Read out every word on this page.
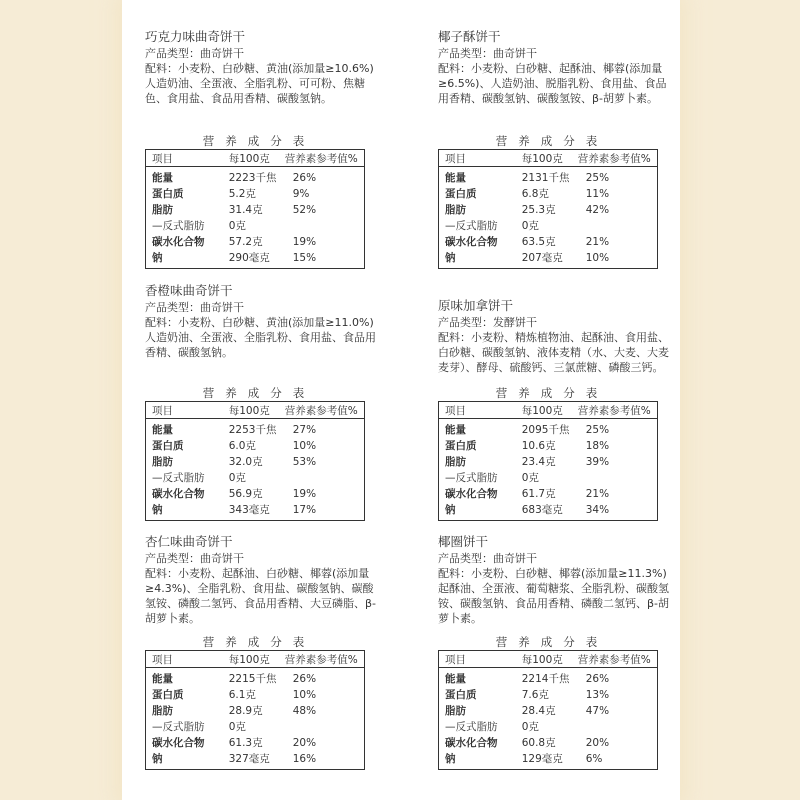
巧克力味曲奇饼干
产品类型：曲奇饼干
配料：小麦粉、白砂糖、黄油(添加量≥10.6%)人造奶油、全蛋液、全脂乳粉、可可粉、焦糖色、食用盐、食品用香精、碳酸氢钠。
营养成分表
项目	每100克	营养素参考值%
能量	2223千焦	26%
蛋白质	5.2克	9%
脂肪	31.4克	52%
—反式脂肪	0克	
碳水化合物	57.2克	19%
钠	290毫克	15%
椰子酥饼干
产品类型：曲奇饼干
配料：小麦粉、白砂糖、起酥油、椰蓉(添加量≥6.5%)、人造奶油、脱脂乳粉、食用盐、食品用香精、碳酸氢钠、碳酸氢铵、β-胡萝卜素。
营养成分表
项目	每100克	营养素参考值%
能量	2131千焦	25%
蛋白质	6.8克	11%
脂肪	25.3克	42%
—反式脂肪	0克	
碳水化合物	63.5克	21%
钠	207毫克	10%
香橙味曲奇饼干
产品类型：曲奇饼干
配料：小麦粉、白砂糖、黄油(添加量≥11.0%)人造奶油、全蛋液、全脂乳粉、食用盐、食品用香精、碳酸氢钠。
营养成分表
项目	每100克	营养素参考值%
能量	2253千焦	27%
蛋白质	6.0克	10%
脂肪	32.0克	53%
—反式脂肪	0克	
碳水化合物	56.9克	19%
钠	343毫克	17%
原味加拿饼干
产品类型：发酵饼干
配料：小麦粉、精炼植物油、起酥油、食用盐、白砂糖、碳酸氢钠、液体麦精（水、大麦、大麦麦芽）、酵母、硫酸钙、三氯蔗糖、磷酸三钙。
营养成分表
项目	每100克	营养素参考值%
能量	2095千焦	25%
蛋白质	10.6克	18%
脂肪	23.4克	39%
—反式脂肪	0克	
碳水化合物	61.7克	21%
钠	683毫克	34%
杏仁味曲奇饼干
产品类型：曲奇饼干
配料：小麦粉、起酥油、白砂糖、椰蓉(添加量≥4.3%)、全脂乳粉、食用盐、碳酸氢钠、碳酸氢铵、磷酸二氢钙、食品用香精、大豆磷脂、β-胡萝卜素。
营养成分表
项目	每100克	营养素参考值%
能量	2215千焦	26%
蛋白质	6.1克	10%
脂肪	28.9克	48%
—反式脂肪	0克	
碳水化合物	61.3克	20%
钠	327毫克	16%
椰圈饼干
产品类型：曲奇饼干
配料：小麦粉、白砂糖、椰蓉(添加量≥11.3%)起酥油、全蛋液、葡萄糖浆、全脂乳粉、碳酸氢铵、碳酸氢钠、食品用香精、磷酸二氢钙、β-胡萝卜素。
营养成分表
项目	每100克	营养素参考值%
能量	2214千焦	26%
蛋白质	7.6克	13%
脂肪	28.4克	47%
—反式脂肪	0克	
碳水化合物	60.8克	20%
钠	129毫克	6%
